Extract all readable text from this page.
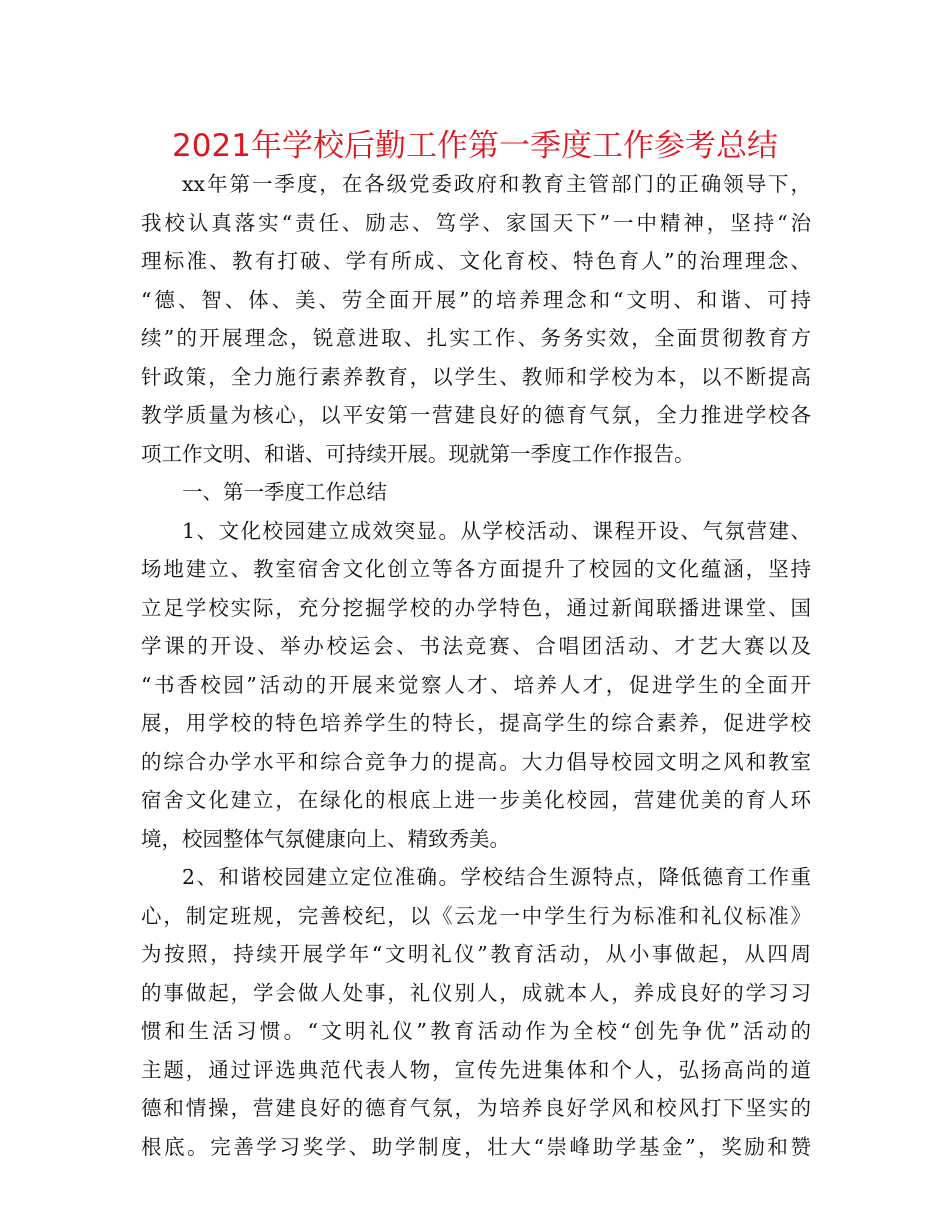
2021年学校后勤工作第一季度工作参考总结
xx年第一季度，在各级党委政府和教育主管部门的正确领导下，
我校认真落实“责任、励志、笃学、家国天下”一中精神，坚持“治
理标准、教有打破、学有所成、文化育校、特色育人”的治理理念、
“德、智、体、美、劳全面开展”的培养理念和“文明、和谐、可持
续”的开展理念，锐意进取、扎实工作、务务实效，全面贯彻教育方
针政策，全力施行素养教育，以学生、教师和学校为本，以不断提高
教学质量为核心，以平安第一营建良好的德育气氛，全力推进学校各
项工作文明、和谐、可持续开展。现就第一季度工作作报告。
一、第一季度工作总结
1、文化校园建立成效突显。从学校活动、课程开设、气氛营建、
场地建立、教室宿舍文化创立等各方面提升了校园的文化蕴涵，坚持
立足学校实际，充分挖掘学校的办学特色，通过新闻联播进课堂、国
学课的开设、举办校运会、书法竞赛、合唱团活动、才艺大赛以及
“书香校园”活动的开展来觉察人才、培养人才，促进学生的全面开
展，用学校的特色培养学生的特长，提高学生的综合素养，促进学校
的综合办学水平和综合竞争力的提高。大力倡导校园文明之风和教室
宿舍文化建立，在绿化的根底上进一步美化校园，营建优美的育人环
境，校园整体气氛健康向上、精致秀美。
2、和谐校园建立定位准确。学校结合生源特点，降低德育工作重
心，制定班规，完善校纪，以《云龙一中学生行为标准和礼仪标准》
为按照，持续开展学年“文明礼仪”教育活动，从小事做起，从四周
的事做起，学会做人处事，礼仪别人，成就本人，养成良好的学习习
惯和生活习惯。“文明礼仪”教育活动作为全校“创先争优”活动的
主题，通过评选典范代表人物，宣传先进集体和个人，弘扬高尚的道
德和情操，营建良好的德育气氛，为培养良好学风和校风打下坚实的
根底。完善学习奖学、助学制度，壮大“崇峰助学基金”，奖励和赞
